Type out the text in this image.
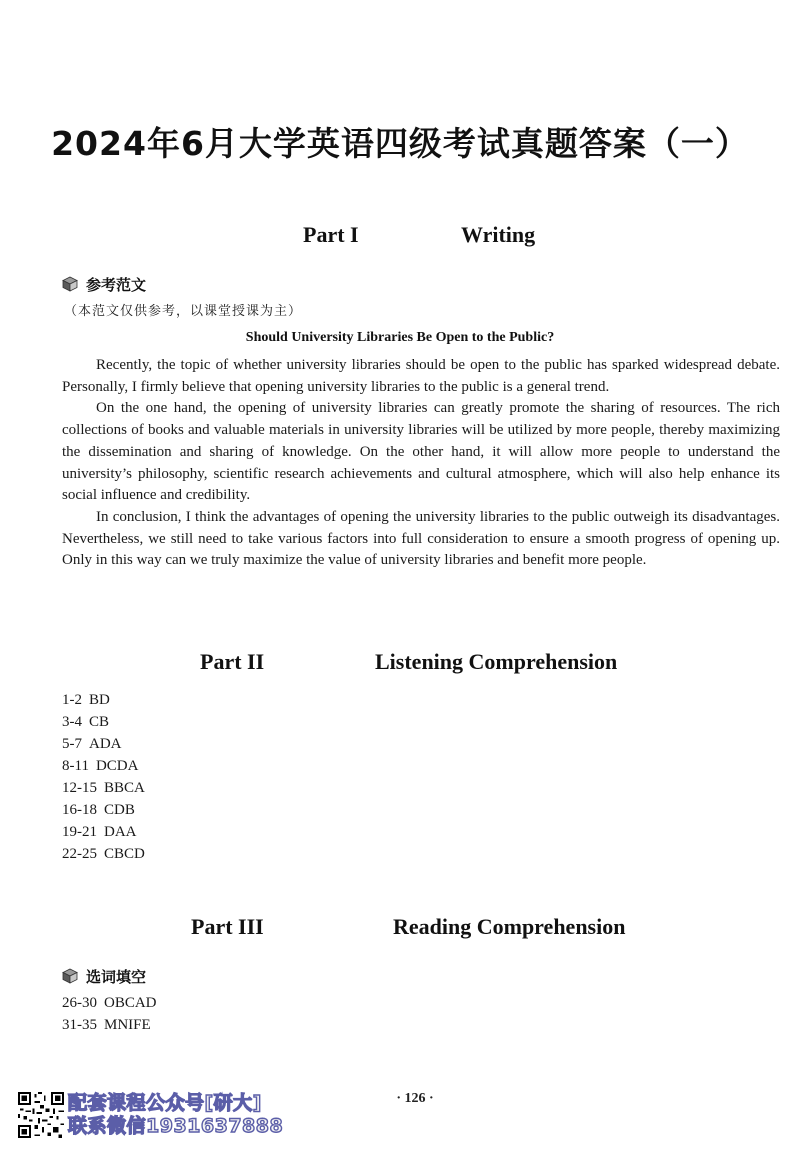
2024年6月大学英语四级考试真题答案（一）
Part I	Writing
参考范文
（本范文仅供参考，以课堂授课为主）
Should University Libraries Be Open to the Public?

Recently, the topic of whether university libraries should be open to the public has sparked widespread debate. Personally, I firmly believe that opening university libraries to the public is a general trend.

On the one hand, the opening of university libraries can greatly promote the sharing of resources. The rich collections of books and valuable materials in university libraries will be utilized by more people, thereby maximizing the dissemination and sharing of knowledge. On the other hand, it will allow more people to understand the university’s philosophy, scientific research achievements and cultural atmosphere, which will also help enhance its social influence and credibility.

In conclusion, I think the advantages of opening the university libraries to the public outweigh its disadvantages. Nevertheless, we still need to take various factors into full consideration to ensure a smooth progress of opening up. Only in this way can we truly maximize the value of university libraries and benefit more people.

Part II	Listening Comprehension
1-2 BD
3-4 CB
5-7 ADA
8-11 DCDA
12-15 BBCA
16-18 CDB
19-21 DAA
22-25 CBCD
Part III	Reading Comprehension
选词填空
26-30 OBCAD
31-35 MNIFE
· 126 ·
配套课程公众号[研大]
联系微信1931637888
